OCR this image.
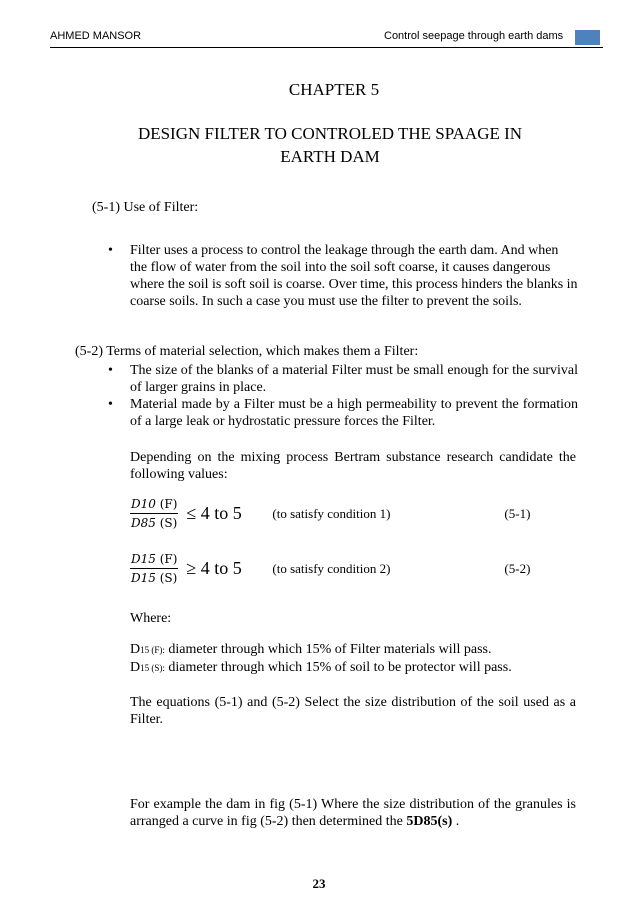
AHMED MANSOR	Control seepage through earth dams
CHAPTER 5
DESIGN FILTER TO CONTROLED THE SPAAGE IN
EARTH DAM
(5-1) Use of Filter:
• Filter uses a process to control the leakage through the earth dam. And when the flow of water from the soil into the soil soft coarse, it causes dangerous where the soil is soft soil is coarse. Over time, this process hinders the blanks in coarse soils. In such a case you must use the filter to prevent the soils.
(5-2) Terms of material selection, which makes them a Filter:
• The size of the blanks of a material Filter must be small enough for the survival of larger grains in place.
• Material made by a Filter must be a high permeability to prevent the formation of a large leak or hydrostatic pressure forces the Filter.
Depending on the mixing process Bertram substance research candidate the following values:
$\frac{D10 (F)}{D85 (S)} \le 4$ to 5	(to satisfy condition 1)	(5-1)
$\frac{D15 (F)}{D15 (S)} \ge 4$ to 5	(to satisfy condition 2)	(5-2)
Where:
D15 (F): diameter through which 15% of Filter materials will pass.
D15 (S): diameter through which 15% of soil to be protector will pass.
The equations (5-1) and (5-2) Select the size distribution of the soil used as a Filter.
For example the dam in fig (5-1) Where the size distribution of the granules is arranged a curve in fig (5-2) then determined the 5D85(s) .
23
